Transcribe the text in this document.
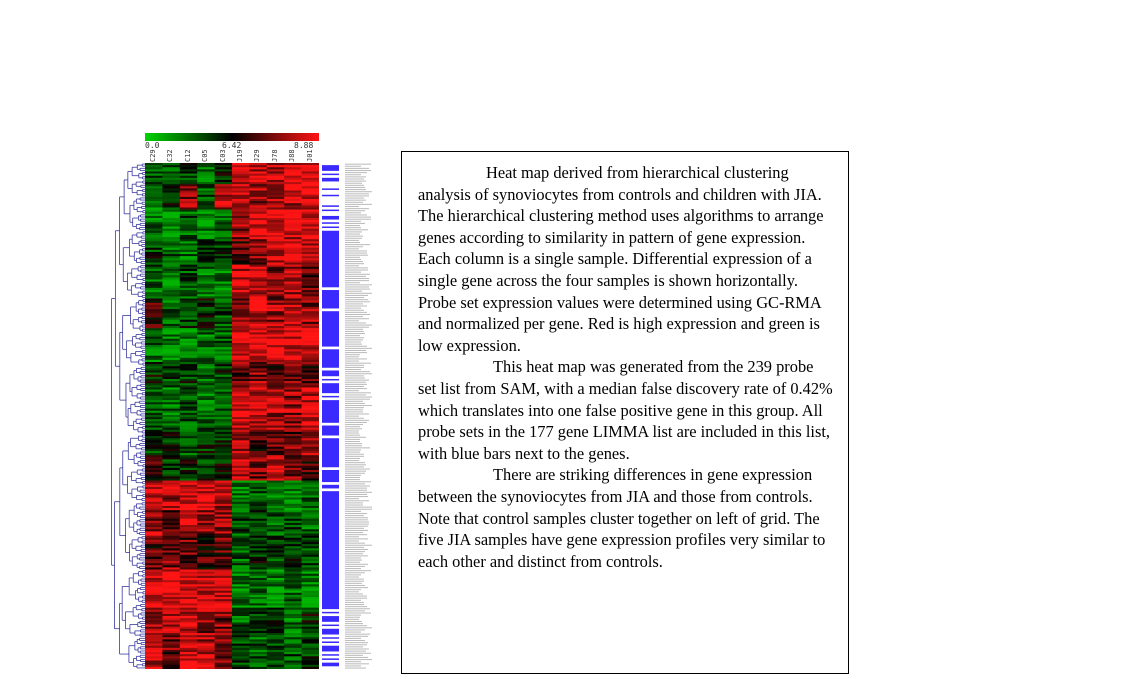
0.0	6.42	8.88
C29	C32	C12	C05	C03	J19	J29	J78	J88	J01

Heat map derived from hierarchical clustering analysis of synoviocytes from controls and children with JIA. The hierarchical clustering method uses algorithms to arrange genes according to similarity in pattern of gene expression. Each column is a single sample. Differential expression of a single gene across the four samples is shown horizontally. Probe set expression values were determined using GC-RMA and normalized per gene. Red is high expression and green is low expression.

This heat map was generated from the 239 probe set list from SAM, with a median false discovery rate of 0.42% which translates into one false positive gene in this group. All probe sets in the 177 gene LIMMA list are included in this list, with blue bars next to the genes.

There are striking differences in gene expression between the synoviocytes from JIA and those from controls. Note that control samples cluster together on left of grid. The five JIA samples have gene expression profiles very similar to each other and distinct from controls.
